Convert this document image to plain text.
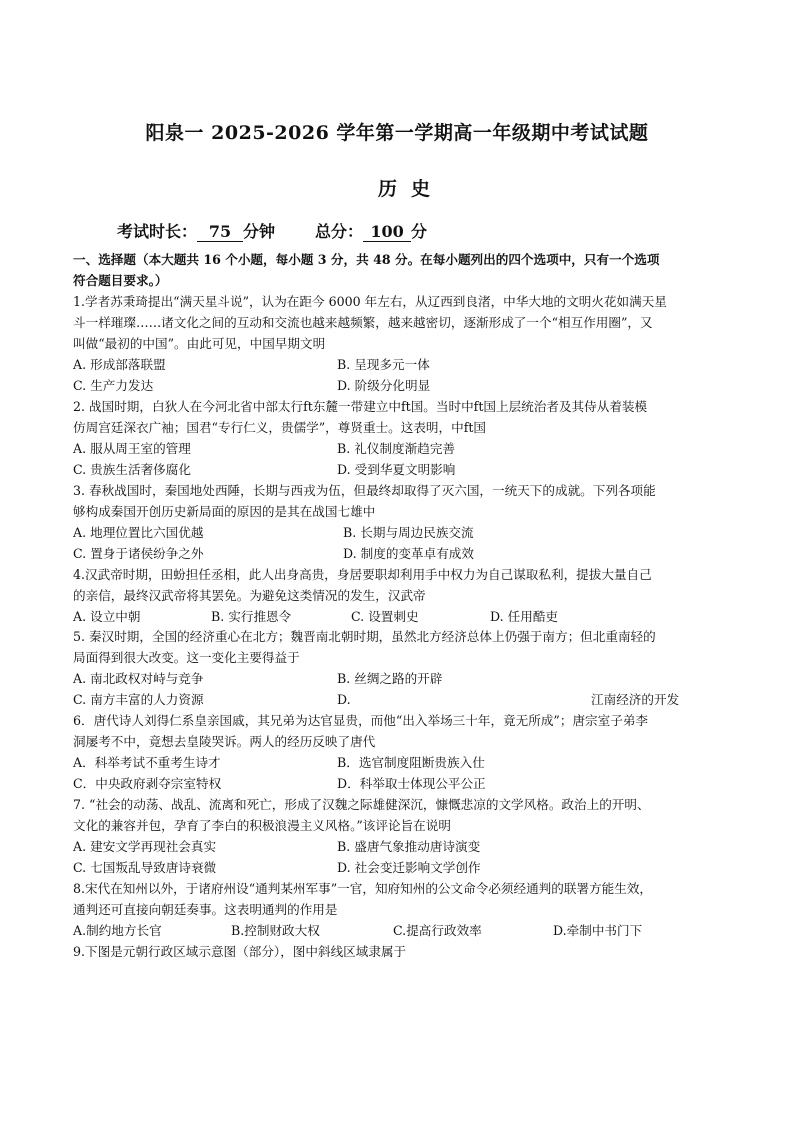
阳泉一 2025-2026 学年第一学期高一年级期中考试试题
历史
考试时长： 75 分钟	总分： 100 分
一、选择题（本大题共 16 个小题，每小题 3 分，共 48 分。在每小题列出的四个选项中，只有一个选项
符合题目要求。）
1.学者苏秉琦提出“满天星斗说”，认为在距今 6000 年左右，从辽西到良渚，中华大地的文明火花如满天星
斗一样璀璨……诸文化之间的互动和交流也越来越频繁，越来越密切，逐渐形成了一个“相互作用圈”，又
叫做“最初的中国”。由此可见，中国早期文明
A. 形成部落联盟	B. 呈现多元一体
C. 生产力发达	D. 阶级分化明显
2. 战国时期，白狄人在今河北省中部太行ft东麓一带建立中ft国。当时中ft国上层统治者及其侍从着装模
仿周宫廷深衣广袖；国君“专行仁义，贵儒学”，尊贤重士。这表明，中ft国
A. 服从周王室的管理	B. 礼仪制度渐趋完善
C. 贵族生活奢侈腐化	D. 受到华夏文明影响
3. 春秋战国时，秦国地处西陲，长期与西戎为伍，但最终却取得了灭六国，一统天下的成就。下列各项能
够构成秦国开创历史新局面的原因的是其在战国七雄中
A. 地理位置比六国优越	B. 长期与周边民族交流
C. 置身于诸侯纷争之外	D. 制度的变革卓有成效
4.汉武帝时期，田蚡担任丞相，此人出身高贵，身居要职却利用手中权力为自己谋取私利，提拔大量自己
的亲信，最终汉武帝将其罢免。为避免这类情况的发生，汉武帝
A. 设立中朝	B. 实行推恩令	C. 设置刺史	D. 任用酷吏
5. 秦汉时期，全国的经济重心在北方；魏晋南北朝时期，虽然北方经济总体上仍强于南方；但北重南轻的
局面得到很大改变。这一变化主要得益于
A. 南北政权对峙与竞争	B. 丝绸之路的开辟
C. 南方丰富的人力资源	D.	江南经济的开发
6．唐代诗人刘得仁系皇亲国戚，其兄弟为达官显贵，而他“出入举场三十年，竟无所成”；唐宗室子弟李
洞屡考不中，竟想去皇陵哭诉。两人的经历反映了唐代
A．科举考试不重考生诗才	B．选官制度阻断贵族入仕
C．中央政府剥夺宗室特权	D．科举取士体现公平公正
7. “社会的动荡、战乱、流离和死亡，形成了汉魏之际雄健深沉，慷慨悲凉的文学风格。政治上的开明、
文化的兼容并包，孕育了李白的积极浪漫主义风格。”该评论旨在说明
A. 建安文学再现社会真实	B. 盛唐气象推动唐诗演变
C. 七国叛乱导致唐诗衰微	D. 社会变迁影响文学创作
8.宋代在知州以外，于诸府州设“通判某州军事”一官，知府知州的公文命令必须经通判的联署方能生效，
通判还可直接向朝廷奏事。这表明通判的作用是
A.制约地方长官	B.控制财政大权	C.提高行政效率	D.牵制中书门下
9.下图是元朝行政区域示意图（部分），图中斜线区域隶属于
